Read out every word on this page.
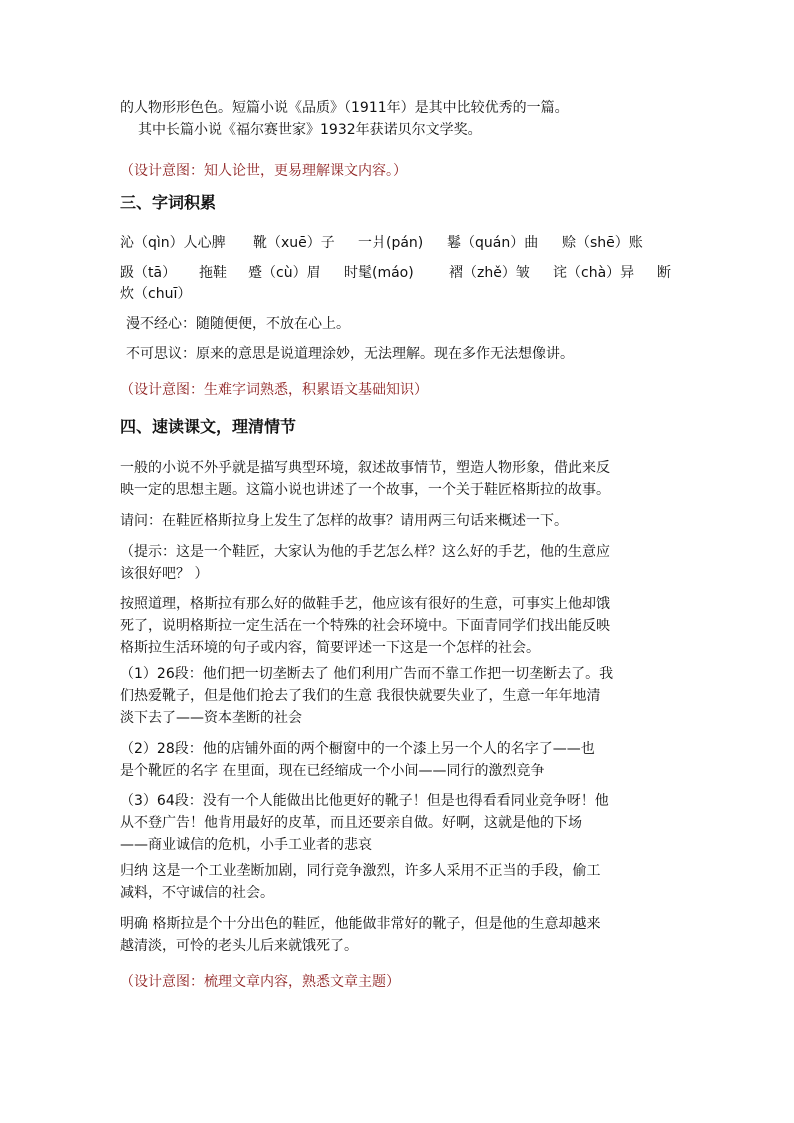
的人物形形色色。短篇小说《品质》（1911年）是其中比较优秀的一篇。
其中长篇小说《福尔赛世家》1932年获诺贝尔文学奖。
（设计意图：知人论世，更易理解课文内容。）
三、字词积累
沁（qìn）人心脾 靴（xuē）子 一爿(pán) 鬈（quán）曲 赊（shē）账
趿（tā） 拖鞋 蹙（cù）眉 时髦(máo)	褶（zhě）皱 诧（chà）异 断
炊（chuī）
漫不经心：随随便便，不放在心上。
不可思议：原来的意思是说道理涂妙，无法理解。现在多作无法想像讲。
（设计意图：生难字词熟悉，积累语文基础知识）
四、速读课文，理清情节
一般的小说不外乎就是描写典型环境，叙述故事情节，塑造人物形象，借此来反
映一定的思想主题。这篇小说也讲述了一个故事，一个关于鞋匠格斯拉的故事。
请问：在鞋匠格斯拉身上发生了怎样的故事？请用两三句话来概述一下。
（提示：这是一个鞋匠，大家认为他的手艺怎么样？这么好的手艺，他的生意应
该很好吧？ ）
按照道理，格斯拉有那么好的做鞋手艺，他应该有很好的生意，可事实上他却饿
死了，说明格斯拉一定生活在一个特殊的社会环境中。下面青同学们找出能反映
格斯拉生活环境的句子或内容，简要评述一下这是一个怎样的社会。
（1）26段：他们把一切垄断去了 他们利用广告而不靠工作把一切垄断去了。我
们热爱靴子，但是他们抢去了我们的生意 我很快就要失业了，生意一年年地清
淡下去了——资本垄断的社会
（2）28段：他的店铺外面的两个橱窗中的一个漆上另一个人的名字了——也
是个靴匠的名字 在里面，现在已经缩成一个小间——同行的激烈竞争
（3）64段：没有一个人能做出比他更好的靴子！但是也得看看同业竞争呀！他
从不登广告！他肯用最好的皮革，而且还要亲自做。好啊，这就是他的下场
——商业诚信的危机，小手工业者的悲哀
归纳 这是一个工业垄断加剧，同行竞争激烈，许多人采用不正当的手段，偷工
减料，不守诚信的社会。
明确 格斯拉是个十分出色的鞋匠，他能做非常好的靴子，但是他的生意却越来
越清淡，可怜的老头儿后来就饿死了。
（设计意图：梳理文章内容，熟悉文章主题）
